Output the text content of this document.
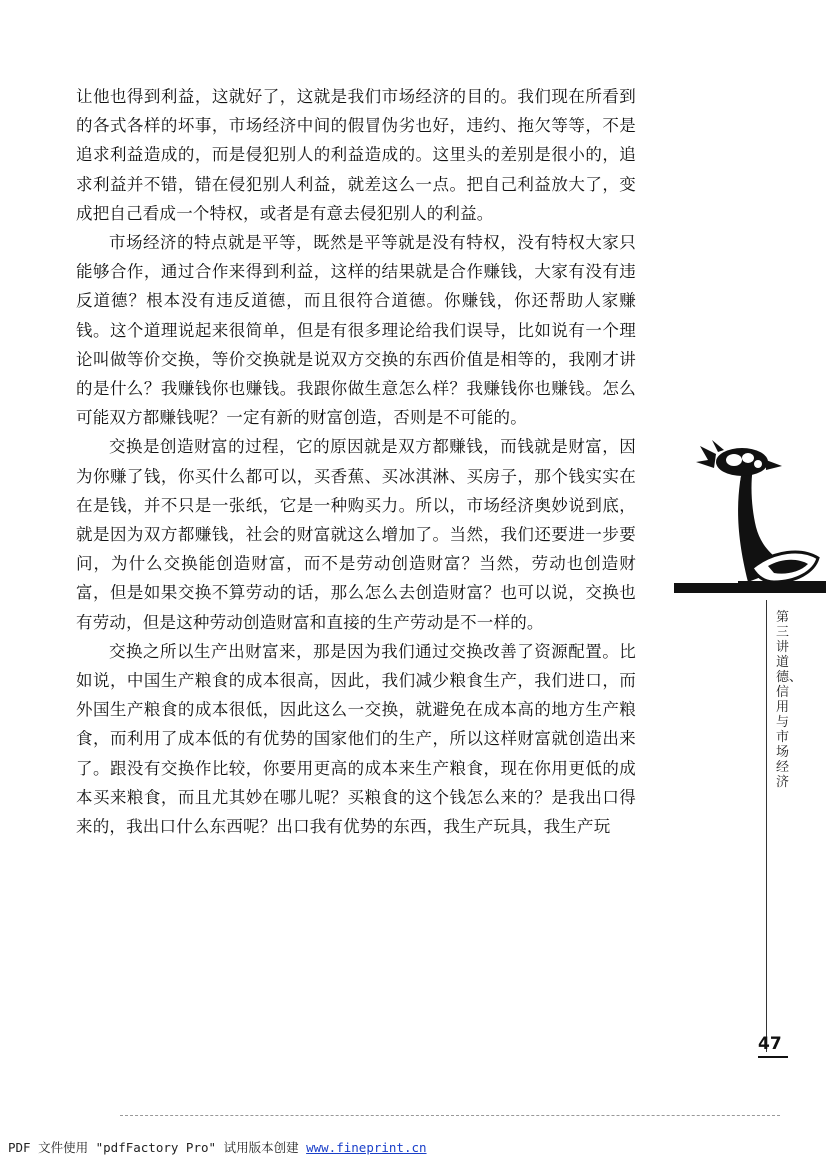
让他也得到利益，这就好了，这就是我们市场经济的目的。我们现在所看到的各式各样的坏事，市场经济中间的假冒伪劣也好，违约、拖欠等等，不是追求利益造成的，而是侵犯别人的利益造成的。这里头的差别是很小的，追求利益并不错，错在侵犯别人利益，就差这么一点。把自己利益放大了，变成把自己看成一个特权，或者是有意去侵犯别人的利益。

市场经济的特点就是平等，既然是平等就是没有特权，没有特权大家只能够合作，通过合作来得到利益，这样的结果就是合作赚钱，大家有没有违反道德？根本没有违反道德，而且很符合道德。你赚钱，你还帮助人家赚钱。这个道理说起来很简单，但是有很多理论给我们误导，比如说有一个理论叫做等价交换，等价交换就是说双方交换的东西价值是相等的，我刚才讲的是什么？我赚钱你也赚钱。我跟你做生意怎么样？我赚钱你也赚钱。怎么可能双方都赚钱呢？一定有新的财富创造，否则是不可能的。

交换是创造财富的过程，它的原因就是双方都赚钱，而钱就是财富，因为你赚了钱，你买什么都可以，买香蕉、买冰淇淋、买房子，那个钱实实在在是钱，并不只是一张纸，它是一种购买力。所以，市场经济奥妙说到底，就是因为双方都赚钱，社会的财富就这么增加了。当然，我们还要进一步要问，为什么交换能创造财富，而不是劳动创造财富？当然，劳动也创造财富，但是如果交换不算劳动的话，那么怎么去创造财富？也可以说，交换也有劳动，但是这种劳动创造财富和直接的生产劳动是不一样的。

交换之所以生产出财富来，那是因为我们通过交换改善了资源配置。比如说，中国生产粮食的成本很高，因此，我们减少粮食生产，我们进口，而外国生产粮食的成本很低，因此这么一交换，就避免在成本高的地方生产粮食，而利用了成本低的有优势的国家他们的生产，所以这样财富就创造出来了。跟没有交换作比较，你要用更高的成本来生产粮食，现在你用更低的成本买来粮食，而且尤其妙在哪儿呢？买粮食的这个钱怎么来的？是我出口得来的，我出口什么东西呢？出口我有优势的东西，我生产玩具，我生产玩

第三讲 道德、信用与市场经济
47
PDF 文件使用 "pdfFactory Pro" 试用版本创建 www.fineprint.cn
